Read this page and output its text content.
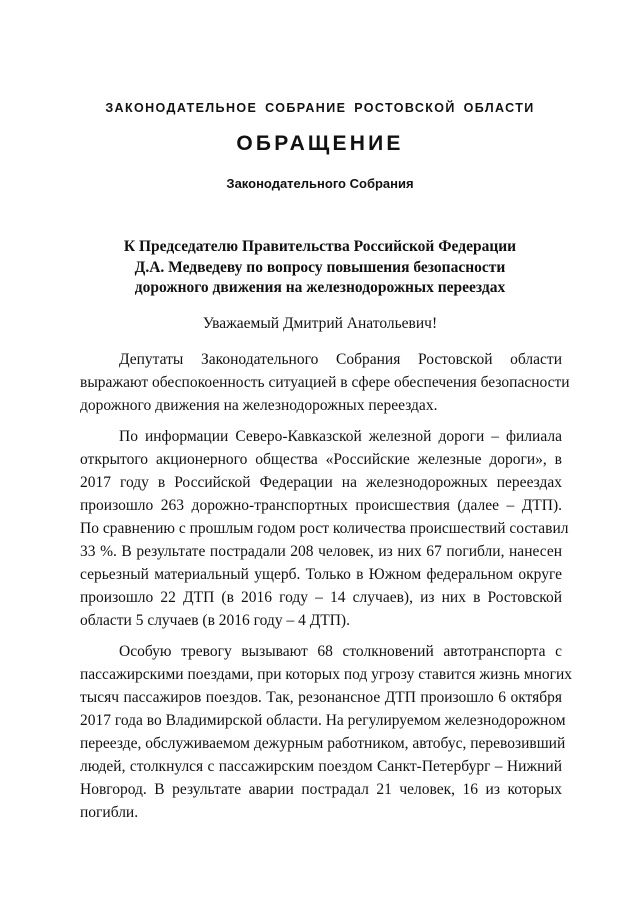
ЗАКОНОДАТЕЛЬНОЕ СОБРАНИЕ РОСТОВСКОЙ ОБЛАСТИ
ОБРАЩЕНИЕ
Законодательного Собрания
К Председателю Правительства Российской Федерации
Д.А. Медведеву по вопросу повышения безопасности
дорожного движения на железнодорожных переездах
Уважаемый Дмитрий Анатольевич!
Депутаты Законодательного Собрания Ростовской области
выражают обеспокоенность ситуацией в сфере обеспечения безопасности
дорожного движения на железнодорожных переездах.
По информации Северо-Кавказской железной дороги – филиала
открытого акционерного общества «Российские железные дороги», в
2017 году в Российской Федерации на железнодорожных переездах
произошло 263 дорожно-транспортных происшествия (далее – ДТП).
По сравнению с прошлым годом рост количества происшествий составил
33 %. В результате пострадали 208 человек, из них 67 погибли, нанесен
серьезный материальный ущерб. Только в Южном федеральном округе
произошло 22 ДТП (в 2016 году – 14 случаев), из них в Ростовской
области 5 случаев (в 2016 году – 4 ДТП).
Особую тревогу вызывают 68 столкновений автотранспорта с
пассажирскими поездами, при которых под угрозу ставится жизнь многих
тысяч пассажиров поездов. Так, резонансное ДТП произошло 6 октября
2017 года во Владимирской области. На регулируемом железнодорожном
переезде, обслуживаемом дежурным работником, автобус, перевозивший
людей, столкнулся с пассажирским поездом Санкт-Петербург – Нижний
Новгород. В результате аварии пострадал 21 человек, 16 из которых
погибли.
